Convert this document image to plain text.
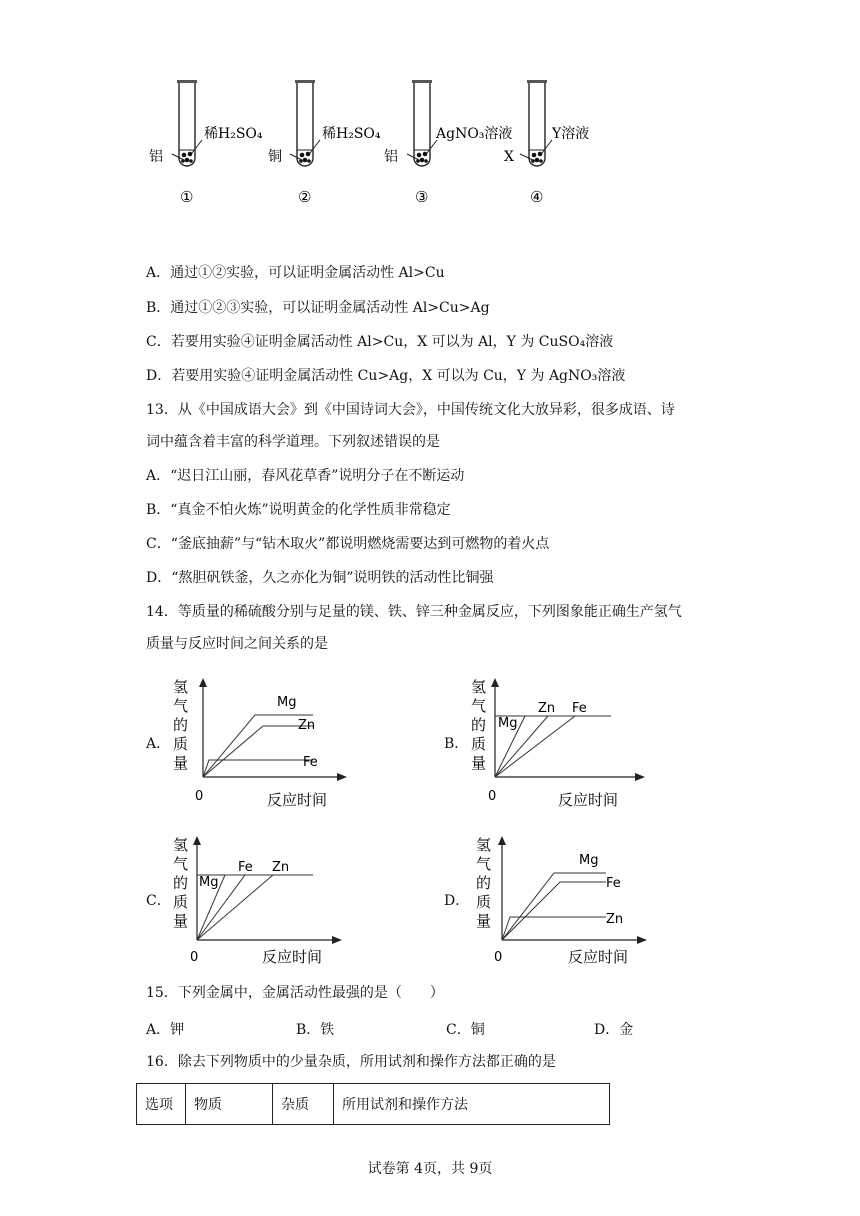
铝
稀H₂SO₄
①
铜
稀H₂SO₄
②
铝
AgNO₃溶液
③
X
Y溶液
④
A．通过①②实验，可以证明金属活动性 Al>Cu
B．通过①②③实验，可以证明金属活动性 Al>Cu>Ag
C．若要用实验④证明金属活动性 Al>Cu，X 可以为 Al，Y 为 CuSO₄溶液
D．若要用实验④证明金属活动性 Cu>Ag，X 可以为 Cu，Y 为 AgNO₃溶液
13．从《中国成语大会》到《中国诗词大会》，中国传统文化大放异彩，很多成语、诗
词中蕴含着丰富的科学道理。下列叙述错误的是
A．“迟日江山丽，春风花草香”说明分子在不断运动
B．“真金不怕火炼”说明黄金的化学性质非常稳定
C．“釜底抽薪”与“钻木取火”都说明燃烧需要达到可燃物的着火点
D．“熬胆矾铁釜，久之亦化为铜”说明铁的活动性比铜强
14．等质量的稀硫酸分别与足量的镁、铁、锌三种金属反应，下列图象能正确生产氢气
质量与反应时间之间关系的是
A．
氢
气
的
质
量
0	反应时间
Mg
Zn
Fe
B．
氢
气
的
质
量
0	反应时间
Mg
Zn Fe
C．
氢
气
的
质
量
0	反应时间
Mg
Fe Zn
D．
氢
气
的
质
量
0	反应时间
Mg
Fe
Zn
15．下列金属中，金属活动性最强的是（　　）
A．钾	B．铁	C．铜	D．金
16．除去下列物质中的少量杂质，所用试剂和操作方法都正确的是
选项	物质	杂质	所用试剂和操作方法
试卷第 4页，共 9页
